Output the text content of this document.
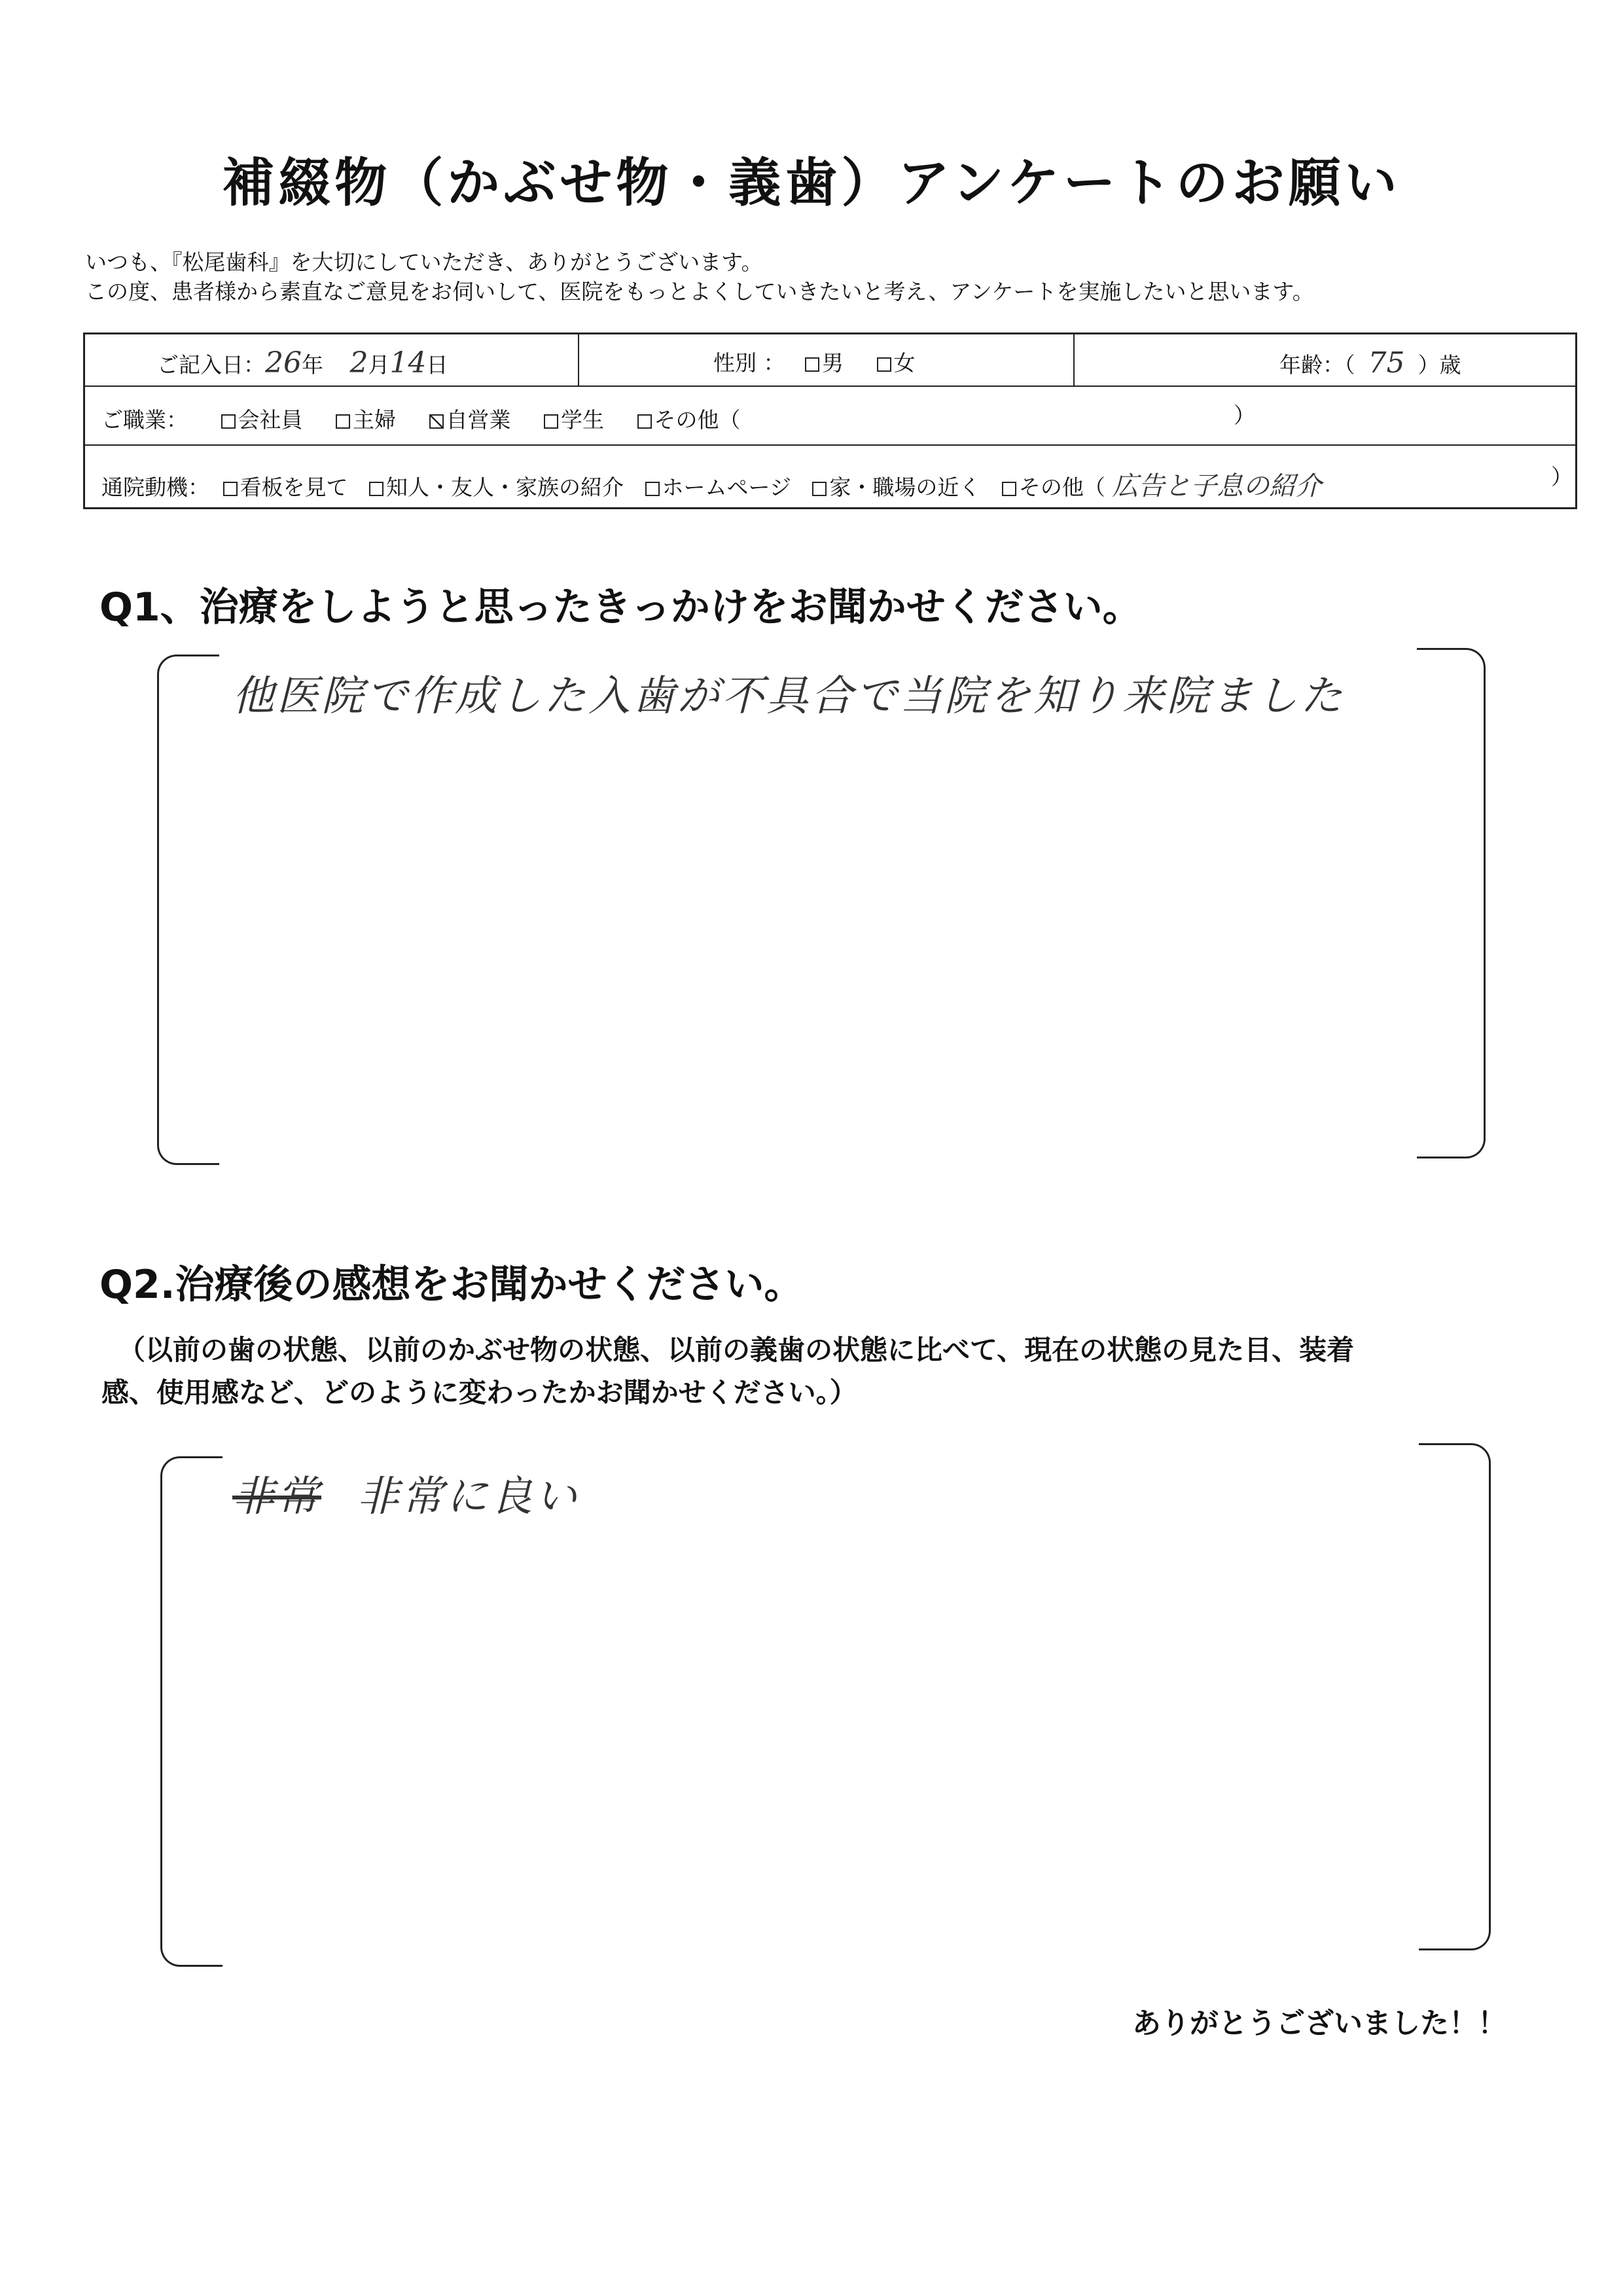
補綴物（かぶせ物・義歯）アンケートのお願い
いつも、『松尾歯科』を大切にしていただき、ありがとうございます。
この度、患者様から素直なご意見をお伺いして、医院をもっとよくしていきたいと考え、アンケートを実施したいと思います。
ご記入日：26年 2月14日	性別 ： 男 女	年齢：（ 75 ）歳
ご職業： 会社員 主婦 自営業 学生 その他（	）
通院動機： 看板を見て 知人・友人・家族の紹介 ホームページ 家・職場の近く その他（ 広告と子息の紹介	）
Q1、治療をしようと思ったきっかけをお聞かせください。
他医院で作成した入歯が不具合で当院を知り来院ました
Q2.治療後の感想をお聞かせください。
（以前の歯の状態、以前のかぶせ物の状態、以前の義歯の状態に比べて、現在の状態の見た目、装着
感、使用感など、どのように変わったかお聞かせください。）
非常 非常に良い
ありがとうございました！！
